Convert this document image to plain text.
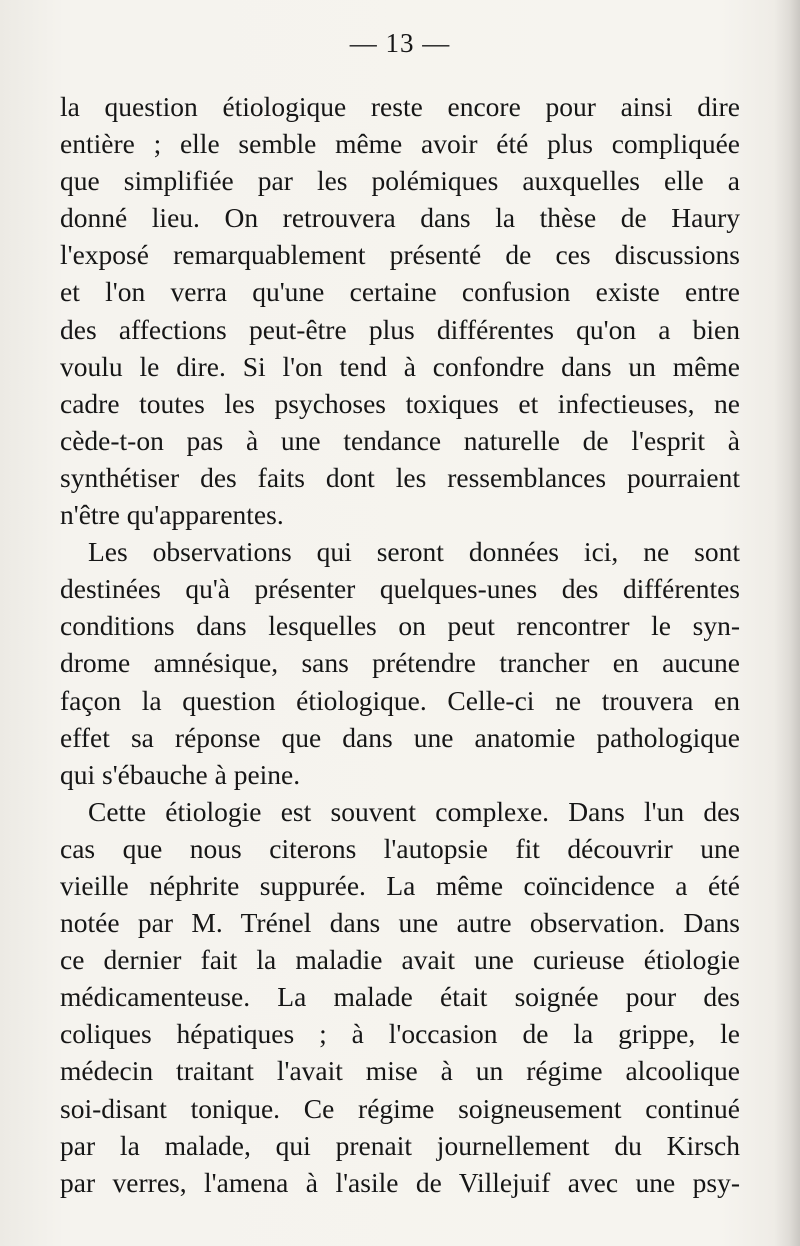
— 13 —
la question étiologique reste encore pour ainsi dire
entière ; elle semble même avoir été plus compliquée
que simplifiée par les polémiques auxquelles elle a
donné lieu. On retrouvera dans la thèse de Haury
l'exposé remarquablement présenté de ces discussions
et l'on verra qu'une certaine confusion existe entre
des affections peut-être plus différentes qu'on a bien
voulu le dire. Si l'on tend à confondre dans un même
cadre toutes les psychoses toxiques et infectieuses, ne
cède-t-on pas à une tendance naturelle de l'esprit à
synthétiser des faits dont les ressemblances pourraient
n'être qu'apparentes.
Les observations qui seront données ici, ne sont
destinées qu'à présenter quelques-unes des différentes
conditions dans lesquelles on peut rencontrer le syn-
drome amnésique, sans prétendre trancher en aucune
façon la question étiologique. Celle-ci ne trouvera en
effet sa réponse que dans une anatomie pathologique
qui s'ébauche à peine.
Cette étiologie est souvent complexe. Dans l'un des
cas que nous citerons l'autopsie fit découvrir une
vieille néphrite suppurée. La même coïncidence a été
notée par M. Trénel dans une autre observation. Dans
ce dernier fait la maladie avait une curieuse étiologie
médicamenteuse. La malade était soignée pour des
coliques hépatiques ; à l'occasion de la grippe, le
médecin traitant l'avait mise à un régime alcoolique
soi-disant tonique. Ce régime soigneusement continué
par la malade, qui prenait journellement du Kirsch
par verres, l'amena à l'asile de Villejuif avec une psy-
